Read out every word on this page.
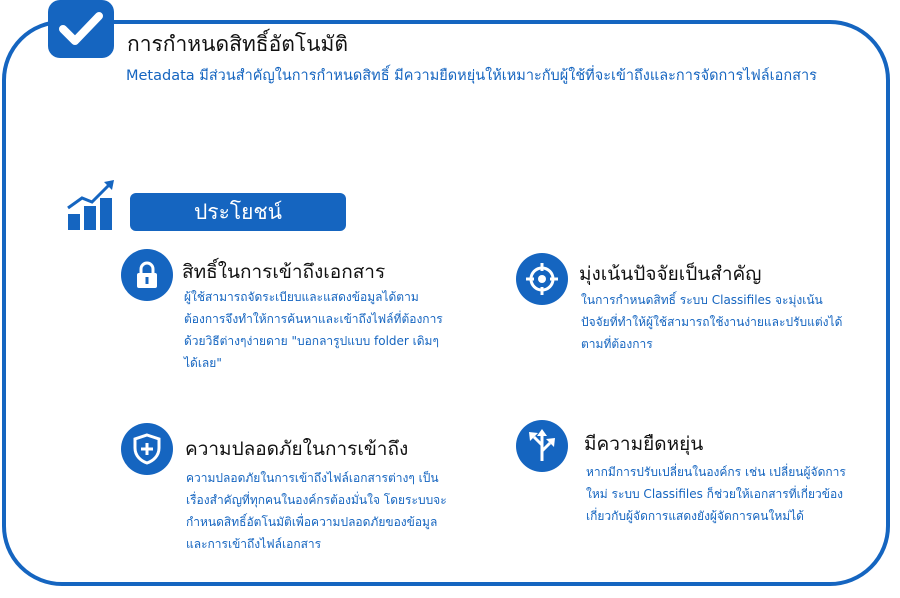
การกำหนดสิทธิ์อัตโนมัติ
Metadata มีส่วนสำคัญในการกำหนดสิทธิ์ มีความยืดหยุ่นให้เหมาะกับผู้ใช้ที่จะเข้าถึงและการจัดการไฟล์เอกสาร
ประโยชน์
สิทธิ์ในการเข้าถึงเอกสาร
ผู้ใช้สามารถจัดระเบียบและแสดงข้อมูลได้ตามต้องการจึงทำให้การค้นหาและเข้าถึงไฟล์ที่ต้องการด้วยวิธีต่างๆง่ายดาย "บอกลารูปแบบ folder เดิมๆได้เลย"
มุ่งเน้นปัจจัยเป็นสำคัญ
ในการกำหนดสิทธิ์ ระบบ Classifiles จะมุ่งเน้นปัจจัยที่ทำให้ผู้ใช้สามารถใช้งานง่ายและปรับแต่งได้ตามที่ต้องการ
ความปลอดภัยในการเข้าถึง
ความปลอดภัยในการเข้าถึงไฟล์เอกสารต่างๆ เป็นเรื่องสำคัญที่ทุกคนในองค์กรต้องมั่นใจ โดยระบบจะกำหนดสิทธิ์อัตโนมัติเพื่อความปลอดภัยของข้อมูลและการเข้าถึงไฟล์เอกสาร
มีความยืดหยุ่น
หากมีการปรับเปลี่ยนในองค์กร เช่น เปลี่ยนผู้จัดการใหม่ ระบบ Classifiles ก็ช่วยให้เอกสารที่เกี่ยวข้องเกี่ยวกับผู้จัดการแสดงยังผู้จัดการคนใหม่ได้
